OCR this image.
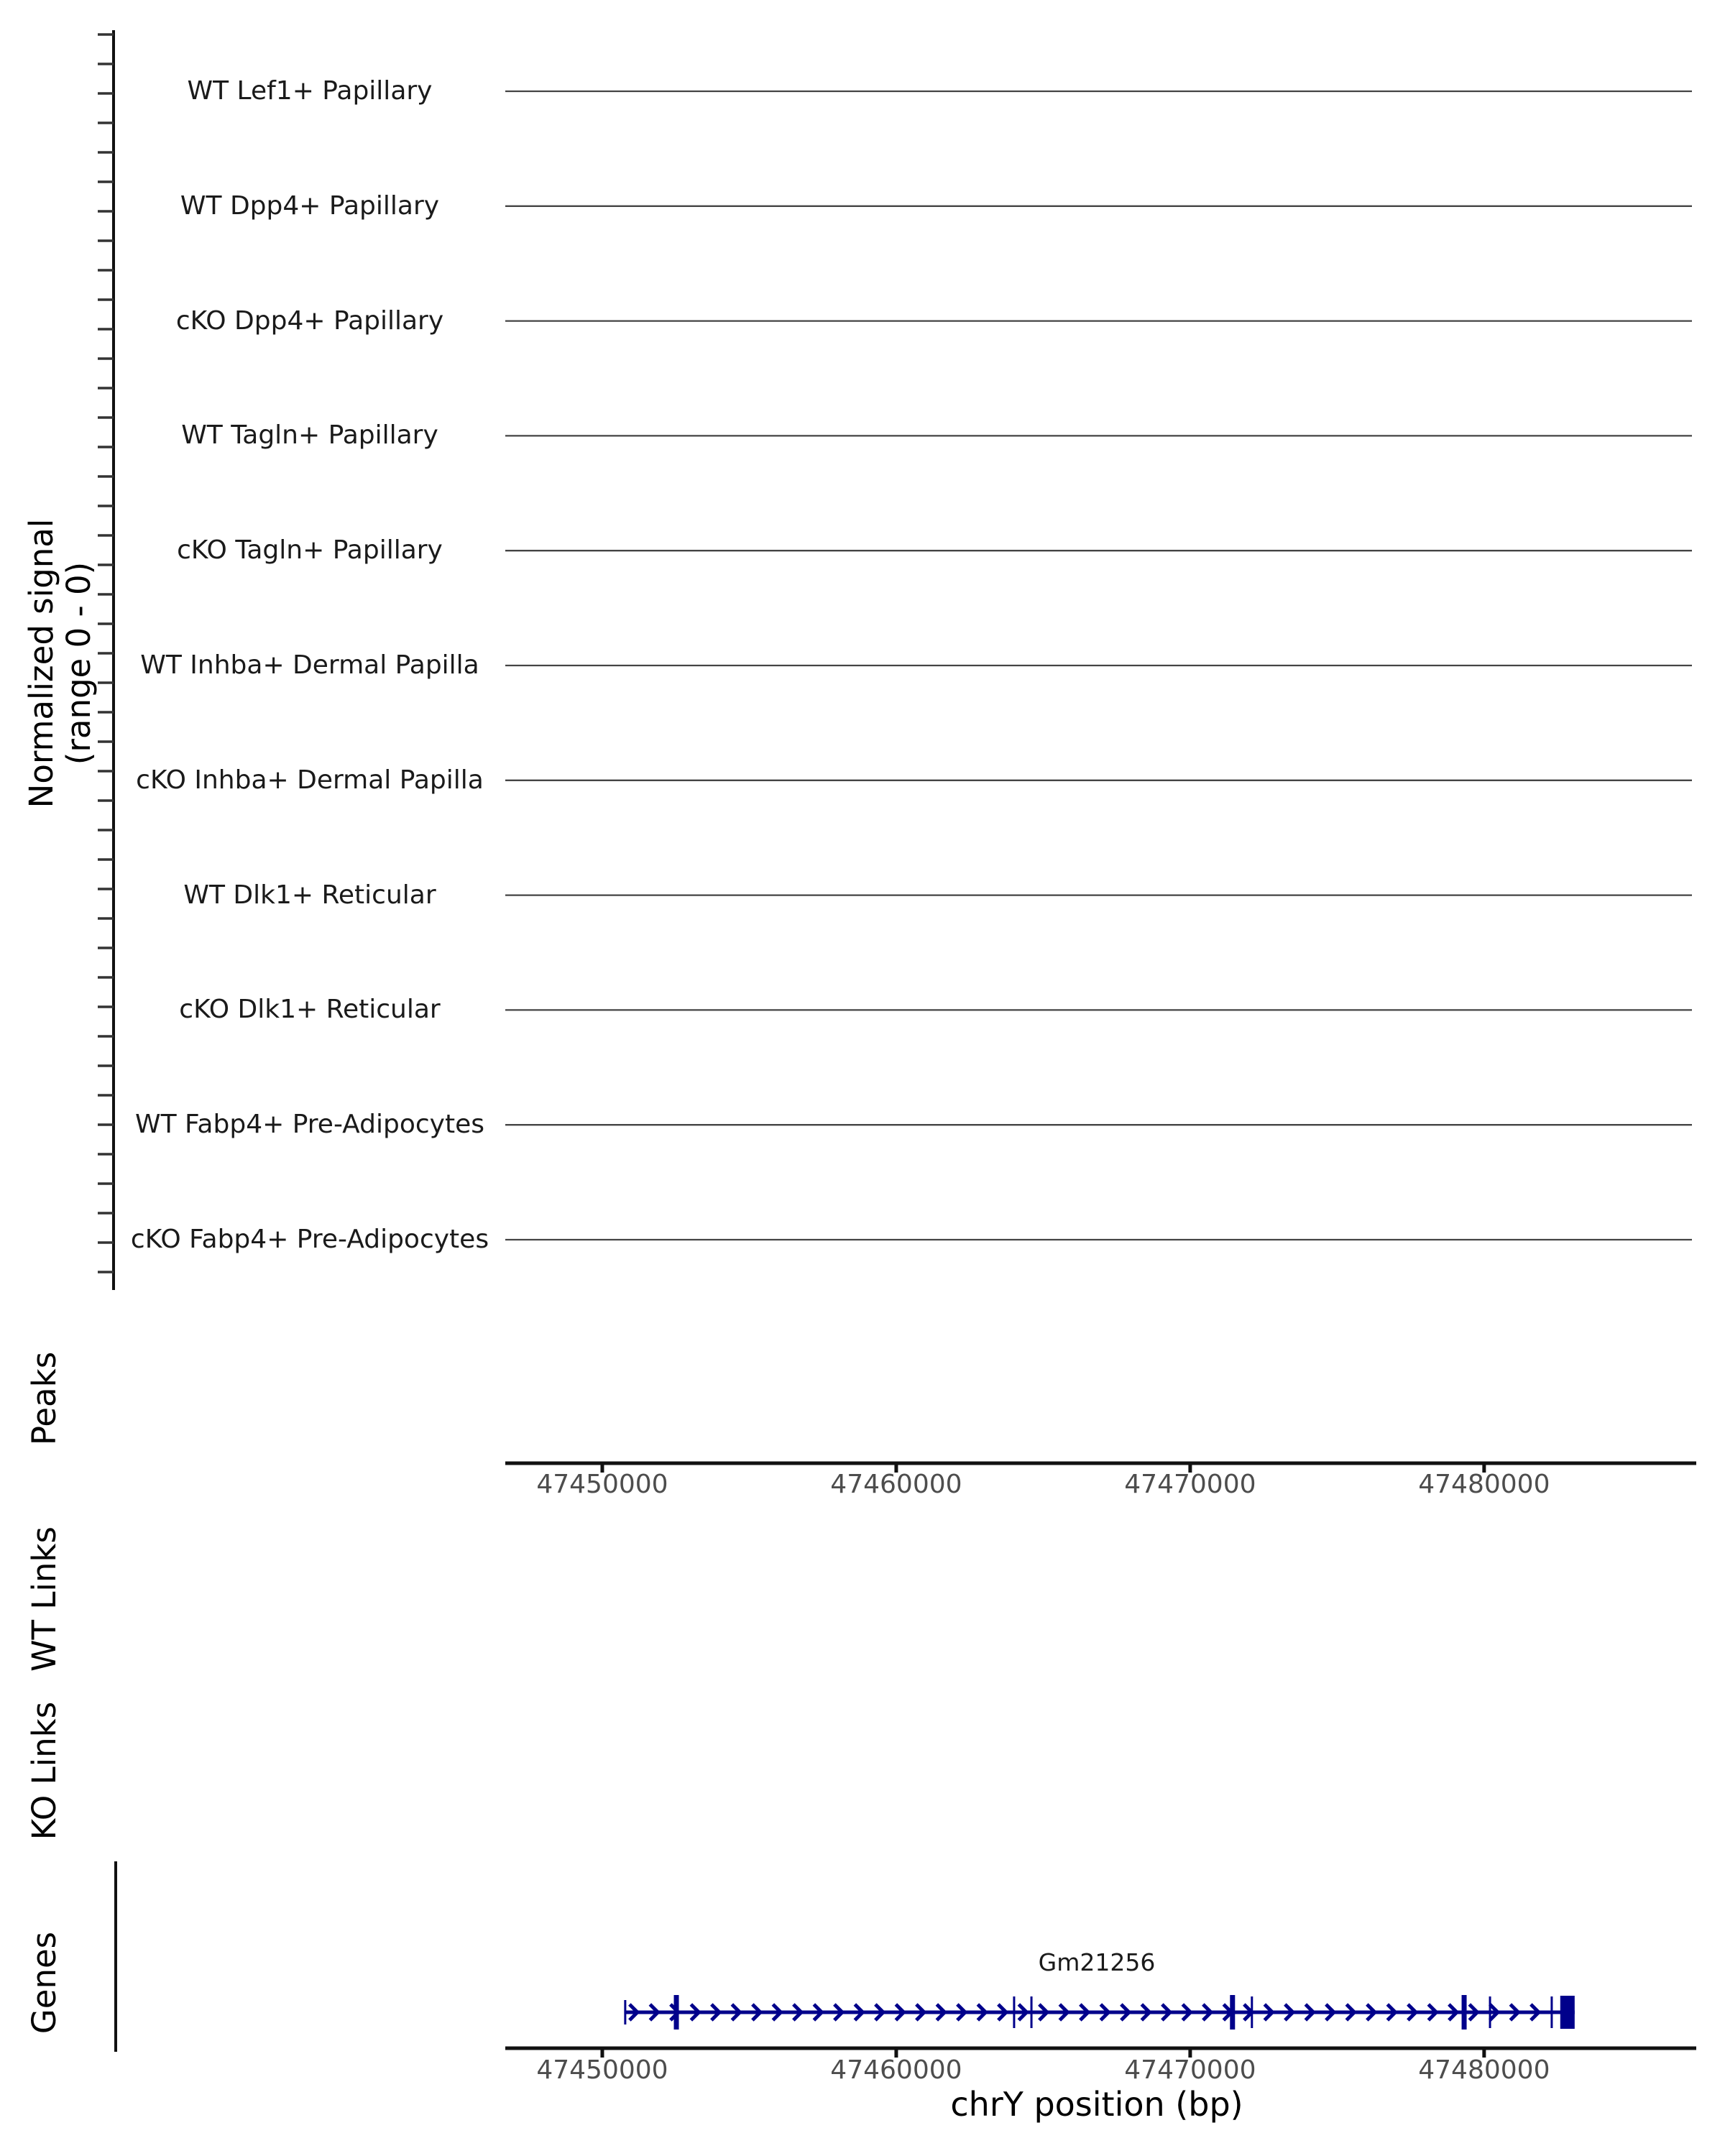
Normalized signal (range 0 - 0)
Peaks
WT Links
KO Links
Genes	Gm21256
chrY position (bp)
WT Lef1+ Papillary
WT Dpp4+ Papillary
cKO Dpp4+ Papillary
WT Tagln+ Papillary
cKO Tagln+ Papillary
WT Inhba+ Dermal Papilla
cKO Inhba+ Dermal Papilla
WT Dlk1+ Reticular
cKO Dlk1+ Reticular
WT Fabp4+ Pre-Adipocytes
cKO Fabp4+ Pre-Adipocytes
47450000	47460000	47470000	47480000
47450000	47460000	47470000	47480000
